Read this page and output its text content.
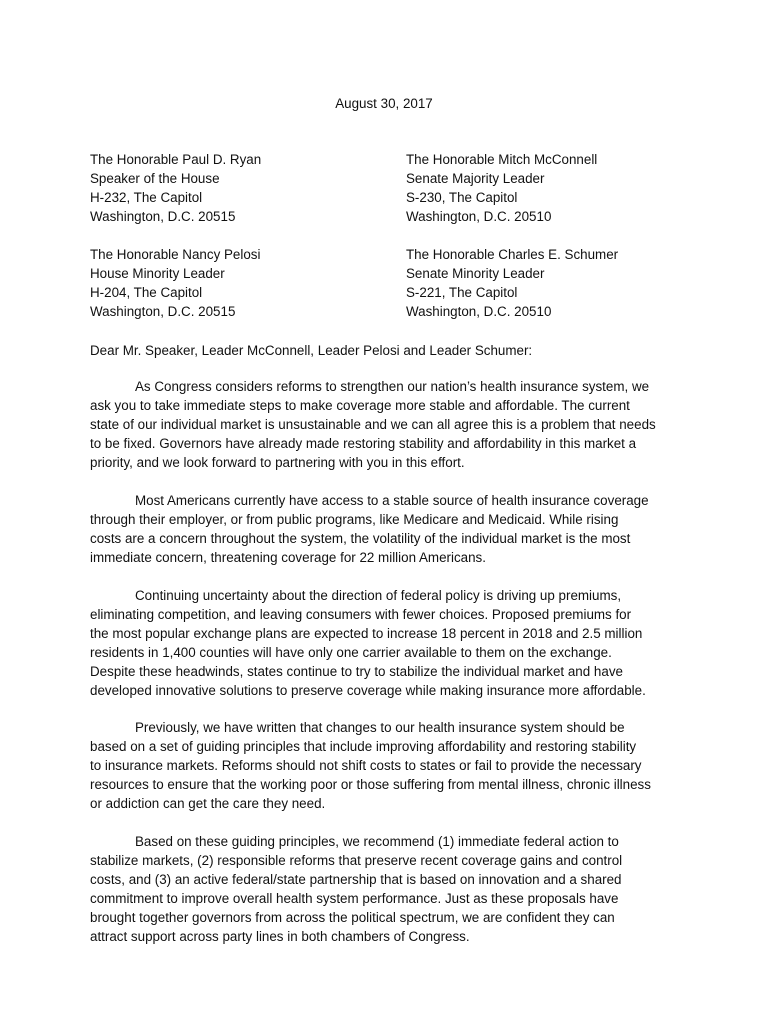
August 30, 2017
The Honorable Paul D. Ryan
Speaker of the House
H-232, The Capitol
Washington, D.C. 20515
The Honorable Mitch McConnell
Senate Majority Leader
S-230, The Capitol
Washington, D.C. 20510
The Honorable Nancy Pelosi
House Minority Leader
H-204, The Capitol
Washington, D.C. 20515
The Honorable Charles E. Schumer
Senate Minority Leader
S-221, The Capitol
Washington, D.C. 20510
Dear Mr. Speaker, Leader McConnell, Leader Pelosi and Leader Schumer:
As Congress considers reforms to strengthen our nation’s health insurance system, we
ask you to take immediate steps to make coverage more stable and affordable. The current
state of our individual market is unsustainable and we can all agree this is a problem that needs
to be fixed. Governors have already made restoring stability and affordability in this market a
priority, and we look forward to partnering with you in this effort.
Most Americans currently have access to a stable source of health insurance coverage
through their employer, or from public programs, like Medicare and Medicaid. While rising
costs are a concern throughout the system, the volatility of the individual market is the most
immediate concern, threatening coverage for 22 million Americans.
Continuing uncertainty about the direction of federal policy is driving up premiums,
eliminating competition, and leaving consumers with fewer choices. Proposed premiums for
the most popular exchange plans are expected to increase 18 percent in 2018 and 2.5 million
residents in 1,400 counties will have only one carrier available to them on the exchange.
Despite these headwinds, states continue to try to stabilize the individual market and have
developed innovative solutions to preserve coverage while making insurance more affordable.
Previously, we have written that changes to our health insurance system should be
based on a set of guiding principles that include improving affordability and restoring stability
to insurance markets. Reforms should not shift costs to states or fail to provide the necessary
resources to ensure that the working poor or those suffering from mental illness, chronic illness
or addiction can get the care they need.
Based on these guiding principles, we recommend (1) immediate federal action to
stabilize markets, (2) responsible reforms that preserve recent coverage gains and control
costs, and (3) an active federal/state partnership that is based on innovation and a shared
commitment to improve overall health system performance. Just as these proposals have
brought together governors from across the political spectrum, we are confident they can
attract support across party lines in both chambers of Congress.
